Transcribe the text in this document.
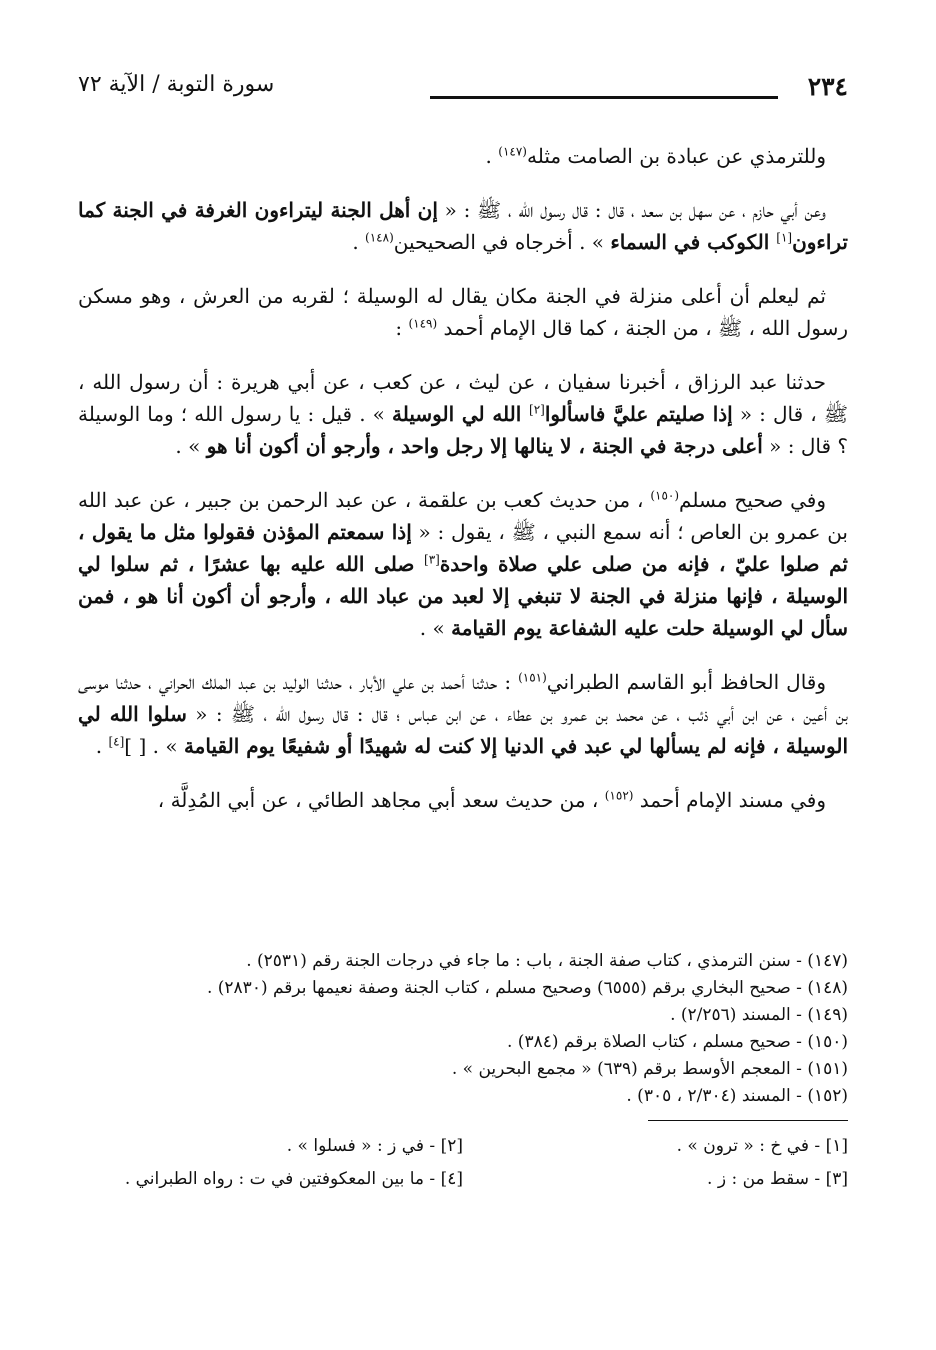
٢٣٤
سورة التوبة / الآية ٧٢

وللترمذي عن عبادة بن الصامت مثله$^{(١٤٧)}$ .

وعن أبي حازم ، عن سهل بن سعد ، قال : قال رسول الله ، ﷺ : « إن أهل الجنة ليتراءون الغرفة في الجنة كما تراءون[١] الكوكب في السماء » . أخرجاه في الصحيحين$^{(١٤٨)}$ .

ثم ليعلم أن أعلى منزلة في الجنة مكان يقال له الوسيلة ؛ لقربه من العرش ، وهو مسكن رسول الله ، ﷺ ، من الجنة ، كما قال الإمام أحمد $^{(١٤٩)}$ :

حدثنا عبد الرزاق ، أخبرنا سفيان ، عن ليث ، عن كعب ، عن أبي هريرة : أن رسول الله ، ﷺ ، قال : « إذا صليتم عليَّ فاسألوا[٢] الله لي الوسيلة » . قيل : يا رسول الله ؛ وما الوسيلة ؟ قال : « أعلى درجة في الجنة ، لا ينالها إلا رجل واحد ، وأرجو أن أكون أنا هو » .

وفي صحيح مسلم$^{(١٥٠)}$ ، من حديث كعب بن علقمة ، عن عبد الرحمن بن جبير ، عن عبد الله بن عمرو بن العاص ؛ أنه سمع النبي ، ﷺ ، يقول : « إذا سمعتم المؤذن فقولوا مثل ما يقول ، ثم صلوا عليّ ، فإنه من صلى علي صلاة واحدة[٣] صلى الله عليه بها عشرًا ، ثم سلوا لي الوسيلة ، فإنها منزلة في الجنة لا تنبغي إلا لعبد من عباد الله ، وأرجو أن أكون أنا هو ، فمن سأل لي الوسيلة حلت عليه الشفاعة يوم القيامة » .

وقال الحافظ أبو القاسم الطبراني$^{(١٥١)}$ : حدثنا أحمد بن علي الأبار ، حدثنا الوليد بن عبد الملك الحراني ، حدثنا موسى بن أعين ، عن ابن أبي ذئب ، عن محمد بن عمرو بن عطاء ، عن ابن عباس ؛ قال : قال رسول الله ، ﷺ : « سلوا الله لي الوسيلة ، فإنه لم يسألها لي عبد في الدنيا إلا كنت له شهيدًا أو شفيعًا يوم القيامة » . [ ][٤] .

وفي مسند الإمام أحمد $^{(١٥٢)}$ ، من حديث سعد أبي مجاهد الطائي ، عن أبي المُدِلَّة ،

(١٤٧) - سنن الترمذي ، كتاب صفة الجنة ، باب : ما جاء في درجات الجنة رقم (٢٥٣١) .

(١٤٨) - صحيح البخاري برقم (٦٥٥٥) وصحيح مسلم ، كتاب الجنة وصفة نعيمها برقم (٢٨٣٠) .

(١٤٩) - المسند (٢/٢٥٦) .

(١٥٠) - صحيح مسلم ، كتاب الصلاة برقم (٣٨٤) .

(١٥١) - المعجم الأوسط برقم (٦٣٩) « مجمع البحرين » .

(١٥٢) - المسند (٢/٣٠٤ ، ٣٠٥) .

[١] - في خ : « ترون » .
[٢] - في ز : « فسلوا » .
[٣] - سقط من : ز .
[٤] - ما بين المعكوفتين في ت : رواه الطبراني .
